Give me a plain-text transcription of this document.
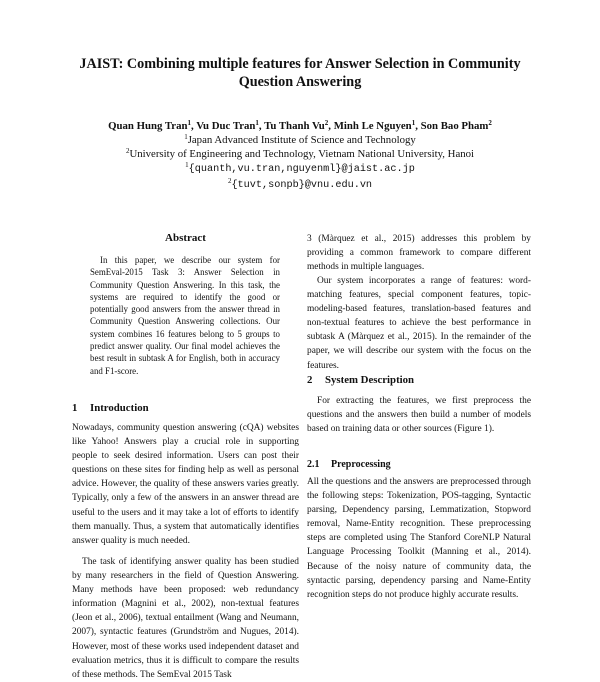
JAIST: Combining multiple features for Answer Selection in Community Question Answering
Quan Hung Tran$^1$, Vu Duc Tran$^1$, Tu Thanh Vu$^2$, Minh Le Nguyen$^1$, Son Bao Pham$^2$
$^1$Japan Advanced Institute of Science and Technology
$^2$University of Engineering and Technology, Vietnam National University, Hanoi
$^1${quanth,vu.tran,nguyenml}@jaist.ac.jp
$^2${tuvt,sonpb}@vnu.edu.vn
Abstract

In this paper, we describe our system for SemEval-2015 Task 3: Answer Selection in Community Question Answering. In this task, the systems are required to identify the good or potentially good answers from the answer thread in Community Question Answering collections. Our system combines 16 features belong to 5 groups to predict answer quality. Our final model achieves the best result in subtask A for English, both in accuracy and F1-score.

1 Introduction

Nowadays, community question answering (cQA) websites like Yahoo! Answers play a crucial role in supporting people to seek desired information. Users can post their questions on these sites for finding help as well as personal advice. However, the quality of these answers varies greatly. Typically, only a few of the answers in an answer thread are useful to the users and it may take a lot of efforts to identify them manually. Thus, a system that automatically identifies answer quality is much needed.

The task of identifying answer quality has been studied by many researchers in the field of Question Answering. Many methods have been proposed: web redundancy information (Magnini et al., 2002), non-textual features (Jeon et al., 2006), textual entailment (Wang and Neumann, 2007), syntactic features (Grundström and Nugues, 2014). However, most of these works used independent dataset and evaluation metrics, thus it is difficult to compare the results of these methods. The SemEval 2015 Task

3 (Màrquez et al., 2015) addresses this problem by providing a common framework to compare different methods in multiple languages.

Our system incorporates a range of features: word-matching features, special component features, topic-modeling-based features, translation-based features and non-textual features to achieve the best performance in subtask A (Màrquez et al., 2015). In the remainder of the paper, we will describe our system with the focus on the features.

2 System Description

For extracting the features, we first preprocess the questions and the answers then build a number of models based on training data or other sources (Figure 1).

2.1 Preprocessing

All the questions and the answers are preprocessed through the following steps: Tokenization, POS-tagging, Syntactic parsing, Dependency parsing, Lemmatization, Stopword removal, Name-Entity recognition. These preprocessing steps are completed using The Stanford CoreNLP Natural Language Processing Toolkit (Manning et al., 2014). Because of the noisy nature of community data, the syntactic parsing, dependency parsing and Name-Entity recognition steps do not produce highly accurate results.
